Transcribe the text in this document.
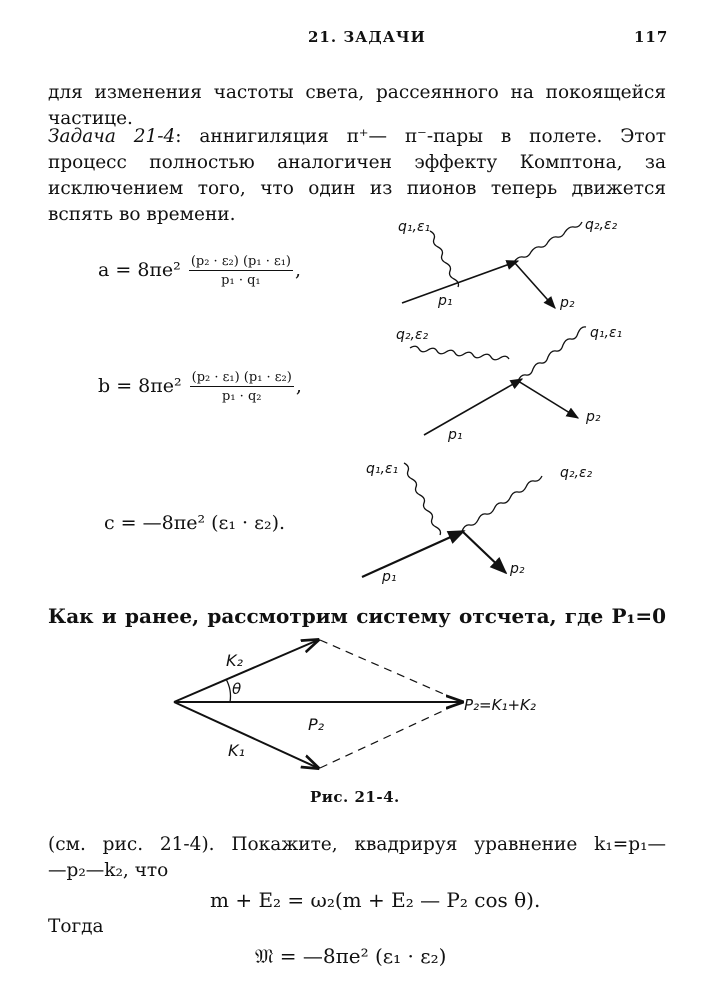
21. ЗАДАЧИ	117
для изменения частоты света, рассеянного на покоящейся
частице.
Задача 21-4: аннигиляция π⁺— π⁻-пары в полете. Этот
процесс полностью аналогичен эффекту Комптона, за
исключением того, что один из пионов теперь движется
вспять во времени.
$a = 8\pi e^2 \frac{\text{(p₂ · ε₂) (p₁ · ε₁)}}{\text{p₁ · q₁}}$ ,
$b = 8\pi e^2 \frac{\text{(p₂ · ε₁) (p₁ · ε₂)}}{\text{p₁ · q₂}}$ ,
c = —8πe² (ε₁ · ε₂).
q₁,ε₁	q₂,ε₂
p₁	p₂
q₂,ε₂	q₁,ε₁
p₁
p₂
q₁,ε₁	q₂,ε₂
p₁	p₂
Как и ранее, рассмотрим систему отсчета, где P₁=0
K₂
θ
P₂
K₁
P₂=K₁+K₂
Рис. 21-4.
(см. рис. 21-4). Покажите, квадрируя уравнение k₁=p₁—
—p₂—k₂, что
m + E₂ = ω₂(m + E₂ — P₂ cos θ).
Тогда
𝔐 = —8πe² (ε₁ · ε₂)
